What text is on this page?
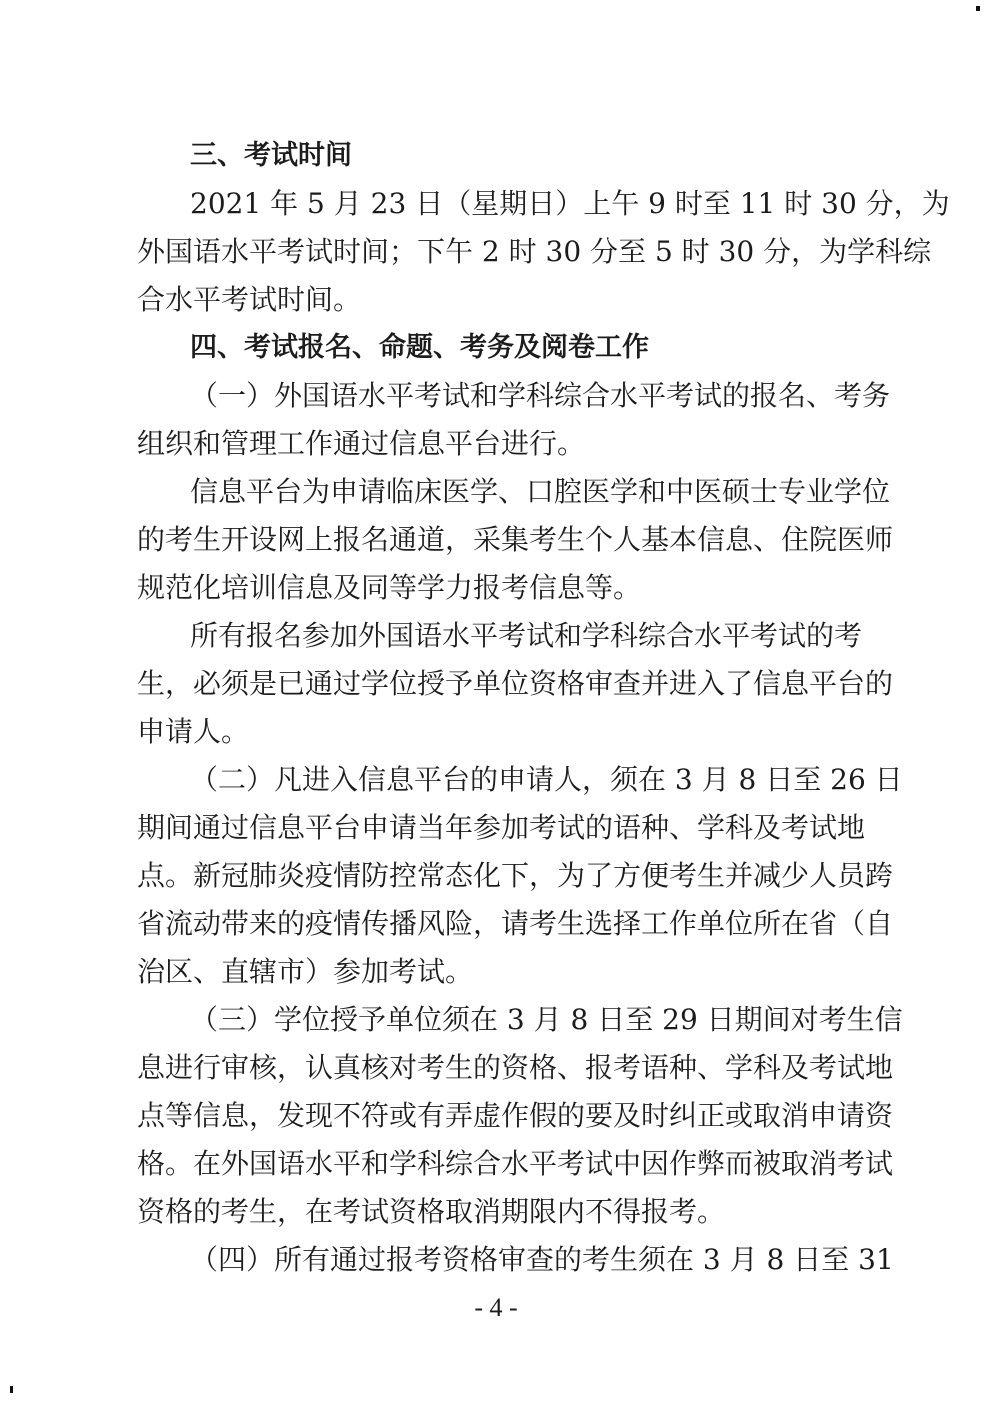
三、考试时间
2021 年 5 月 23 日（星期日）上午 9 时至 11 时 30 分，为
外国语水平考试时间；下午 2 时 30 分至 5 时 30 分，为学科综
合水平考试时间。
四、考试报名、命题、考务及阅卷工作
（一）外国语水平考试和学科综合水平考试的报名、考务
组织和管理工作通过信息平台进行。
信息平台为申请临床医学、口腔医学和中医硕士专业学位
的考生开设网上报名通道，采集考生个人基本信息、住院医师
规范化培训信息及同等学力报考信息等。
所有报名参加外国语水平考试和学科综合水平考试的考
生，必须是已通过学位授予单位资格审查并进入了信息平台的
申请人。
（二）凡进入信息平台的申请人，须在 3 月 8 日至 26 日
期间通过信息平台申请当年参加考试的语种、学科及考试地
点。新冠肺炎疫情防控常态化下，为了方便考生并减少人员跨
省流动带来的疫情传播风险，请考生选择工作单位所在省（自
治区、直辖市）参加考试。
（三）学位授予单位须在 3 月 8 日至 29 日期间对考生信
息进行审核，认真核对考生的资格、报考语种、学科及考试地
点等信息，发现不符或有弄虚作假的要及时纠正或取消申请资
格。在外国语水平和学科综合水平考试中因作弊而被取消考试
资格的考生，在考试资格取消期限内不得报考。
（四）所有通过报考资格审查的考生须在 3 月 8 日至 31
- 4 -
